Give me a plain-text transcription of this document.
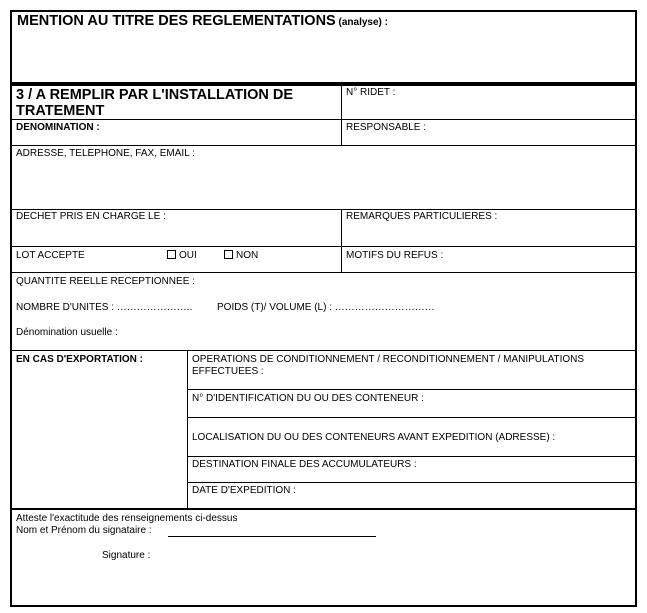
MENTION AU TITRE DES REGLEMENTATIONS (analyse) :
3 / A REMPLIR PAR L'INSTALLATION DE
TRATEMENT
N° RIDET :
DENOMINATION :	RESPONSABLE :
ADRESSE, TELEPHONE, FAX, EMAIL :
DECHET PRIS EN CHARGE LE :	REMARQUES PARTICULIERES :
LOT ACCEPTE	OUI	NON	MOTIFS DU REFUS :
QUANTITE REELLE RECEPTIONNEE :
NOMBRE D'UNITES : ………………….. POIDS (T)/ VOLUME (L) : …………………………
Dénomination usuelle :
EN CAS D'EXPORTATION :	OPERATIONS DE CONDITIONNEMENT / RECONDITIONNEMENT / MANIPULATIONS
EFFECTUEES :
N° D'IDENTIFICATION DU OU DES CONTENEUR :
LOCALISATION DU OU DES CONTENEURS AVANT EXPEDITION (ADRESSE) :
DESTINATION FINALE DES ACCUMULATEURS :
DATE D'EXPEDITION :
Atteste l'exactitude des renseignements ci-dessus
Nom et Prénom du signataire :
Signature :
